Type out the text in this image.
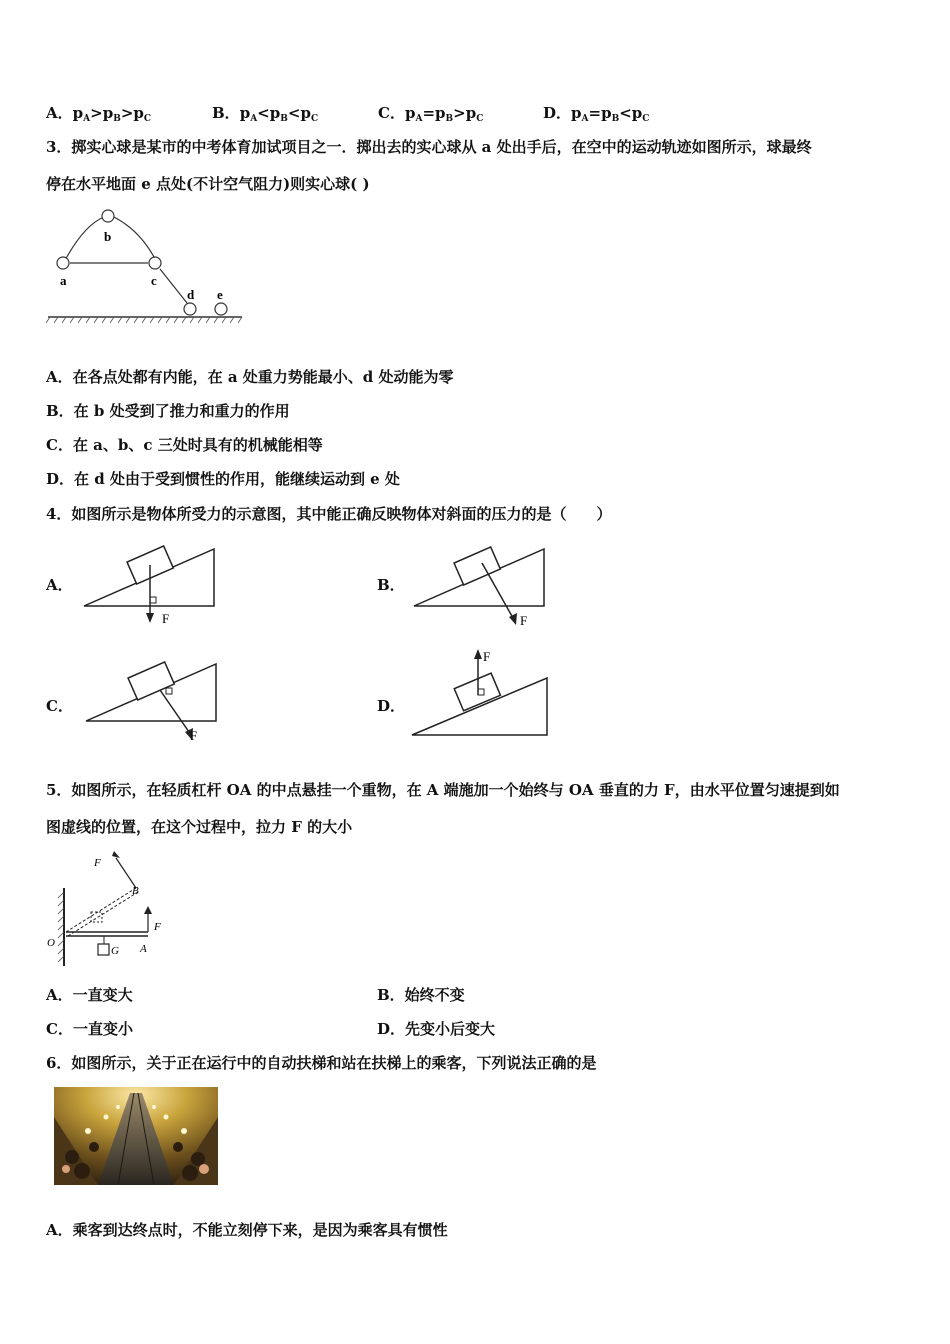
A．$p_A>p_B>p_C$	B．$p_A<p_B<p_C$	C．$p_A=p_B>p_C$	D．$p_A=p_B<p_C$
3．掷实心球是某市的中考体育加试项目之一．掷出去的实心球从 a 处出手后，在空中的运动轨迹如图所示，球最终
停在水平地面 e 点处(不计空气阻力)则实心球( )
b
a	c
d e
A．在各点处都有内能，在 a 处重力势能最小、d 处动能为零
B．在 b 处受到了推力和重力的作用
C．在 a、b、c 三处时具有的机械能相等
D．在 d 处由于受到惯性的作用，能继续运动到 e 处
4．如图所示是物体所受力的示意图，其中能正确反映物体对斜面的压力的是（　　）
A．
F
B．
F
C．
F
D．
F
5．如图所示，在轻质杠杆 OA 的中点悬挂一个重物，在 A 端施加一个始终与 OA 垂直的力 F，由水平位置匀速提到如
图虚线的位置，在这个过程中，拉力 F 的大小
F
B
F
O
G A
A．一直变大	B．始终不变
C．一直变小	D．先变小后变大
6．如图所示，关于正在运行中的自动扶梯和站在扶梯上的乘客，下列说法正确的是
A．乘客到达终点时，不能立刻停下来，是因为乘客具有惯性
